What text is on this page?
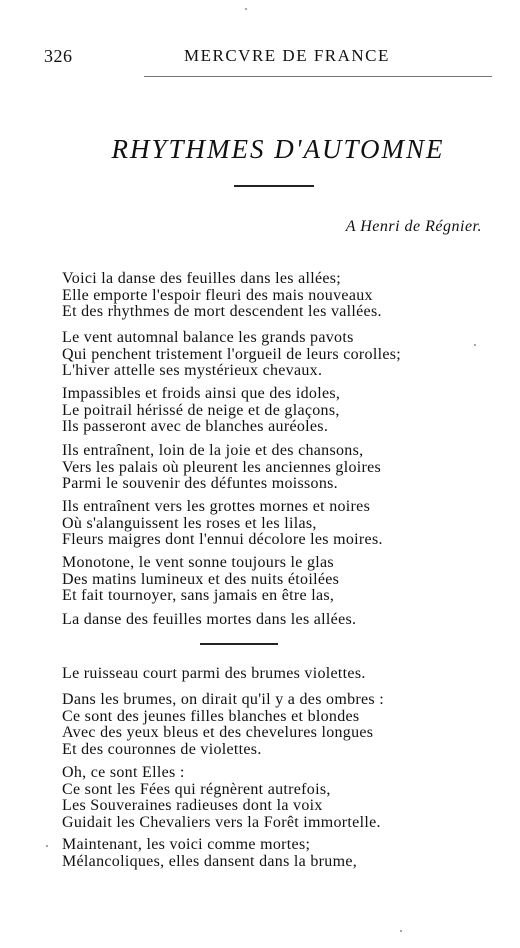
326	MERCVRE DE FRANCE
RHYTHMES D'AUTOMNE
A Henri de Régnier.
Voici la danse des feuilles dans les allées;
Elle emporte l'espoir fleuri des mais nouveaux
Et des rhythmes de mort descendent les vallées.
Le vent automnal balance les grands pavots
Qui penchent tristement l'orgueil de leurs corolles;
L'hiver attelle ses mystérieux chevaux.
Impassibles et froids ainsi que des idoles,
Le poitrail hérissé de neige et de glaçons,
Ils passeront avec de blanches auréoles.
Ils entraînent, loin de la joie et des chansons,
Vers les palais où pleurent les anciennes gloires
Parmi le souvenir des défuntes moissons.
Ils entraînent vers les grottes mornes et noires
Où s'alanguissent les roses et les lilas,
Fleurs maigres dont l'ennui décolore les moires.
Monotone, le vent sonne toujours le glas
Des matins lumineux et des nuits étoilées
Et fait tournoyer, sans jamais en être las,
La danse des feuilles mortes dans les allées.
Le ruisseau court parmi des brumes violettes.
Dans les brumes, on dirait qu'il y a des ombres :
Ce sont des jeunes filles blanches et blondes
Avec des yeux bleus et des chevelures longues
Et des couronnes de violettes.
Oh, ce sont Elles :
Ce sont les Fées qui régnèrent autrefois,
Les Souveraines radieuses dont la voix
Guidait les Chevaliers vers la Forêt immortelle.
Maintenant, les voici comme mortes;
Mélancoliques, elles dansent dans la brume,
